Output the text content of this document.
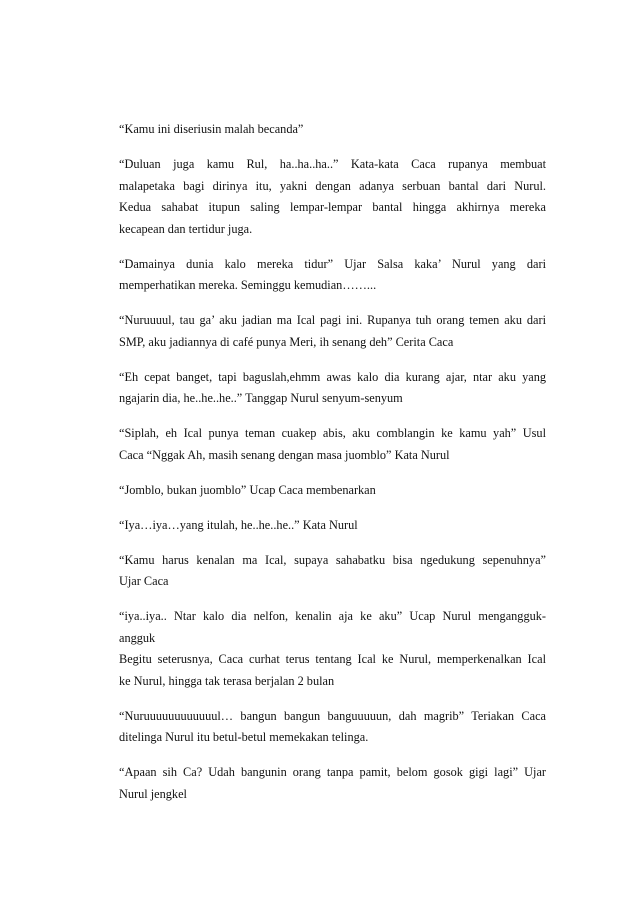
“Kamu ini diseriusin malah becanda”

“Duluan juga kamu Rul, ha..ha..ha..” Kata-kata Caca rupanya membuat
malapetaka bagi dirinya itu, yakni dengan adanya serbuan bantal dari Nurul.
Kedua sahabat itupun saling lempar-lempar bantal hingga akhirnya mereka
kecapean dan tertidur juga.

“Damainya dunia kalo mereka tidur” Ujar Salsa kaka’ Nurul yang dari
memperhatikan mereka. Seminggu kemudian……...

“Nuruuuul, tau ga’ aku jadian ma Ical pagi ini. Rupanya tuh orang temen aku dari
SMP, aku jadiannya di café punya Meri, ih senang deh” Cerita Caca

“Eh cepat banget, tapi baguslah,ehmm awas kalo dia kurang ajar, ntar aku yang
ngajarin dia, he..he..he..” Tanggap Nurul senyum-senyum

“Siplah, eh Ical punya teman cuakep abis, aku comblangin ke kamu yah” Usul
Caca “Nggak Ah, masih senang dengan masa juomblo” Kata Nurul

“Jomblo, bukan juomblo” Ucap Caca membenarkan

“Iya…iya…yang itulah, he..he..he..” Kata Nurul

“Kamu harus kenalan ma Ical, supaya sahabatku bisa ngedukung sepenuhnya”
Ujar Caca

“iya..iya.. Ntar kalo dia nelfon, kenalin aja ke aku” Ucap Nurul mengangguk-
angguk

Begitu seterusnya, Caca curhat terus tentang Ical ke Nurul, memperkenalkan Ical
ke Nurul, hingga tak terasa berjalan 2 bulan

“Nuruuuuuuuuuuuul… bangun bangun banguuuuun, dah magrib” Teriakan Caca
ditelinga Nurul itu betul-betul memekakan telinga.

“Apaan sih Ca? Udah bangunin orang tanpa pamit, belom gosok gigi lagi” Ujar
Nurul jengkel
